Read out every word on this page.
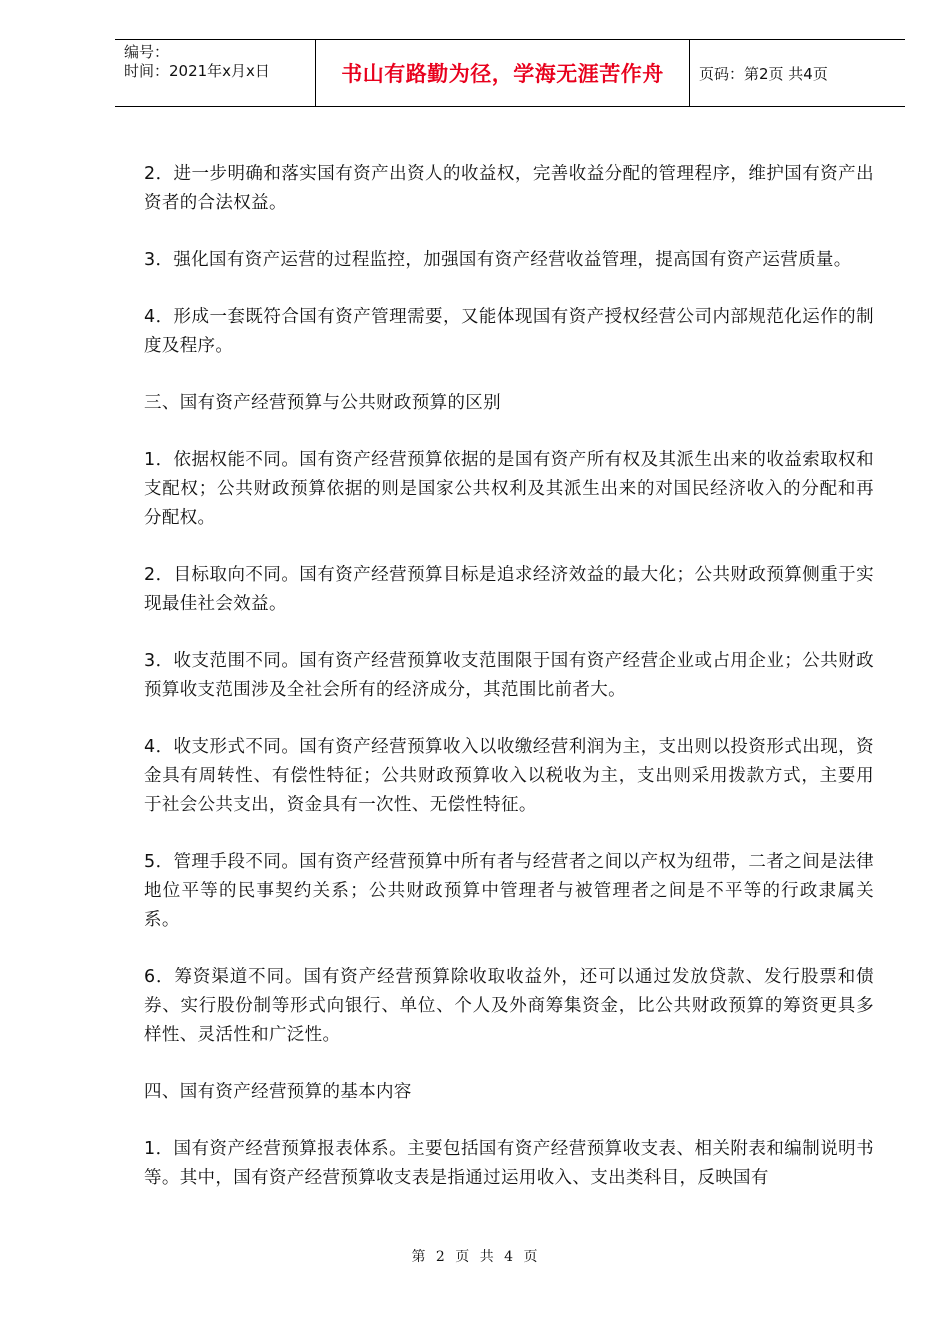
编号：
时间：2021年x月x日	书山有路勤为径，学海无涯苦作舟 页码：第2页 共4页

2．进一步明确和落实国有资产出资人的收益权，完善收益分配的管理程序，维护国有资产出资者的合法权益。

3．强化国有资产运营的过程监控，加强国有资产经营收益管理，提高国有资产运营质量。

4．形成一套既符合国有资产管理需要，又能体现国有资产授权经营公司内部规范化运作的制度及程序。

三、国有资产经营预算与公共财政预算的区别

1．依据权能不同。国有资产经营预算依据的是国有资产所有权及其派生出来的收益索取权和支配权；公共财政预算依据的则是国家公共权利及其派生出来的对国民经济收入的分配和再分配权。

2．目标取向不同。国有资产经营预算目标是追求经济效益的最大化；公共财政预算侧重于实现最佳社会效益。

3．收支范围不同。国有资产经营预算收支范围限于国有资产经营企业或占用企业；公共财政预算收支范围涉及全社会所有的经济成分，其范围比前者大。

4．收支形式不同。国有资产经营预算收入以收缴经营利润为主，支出则以投资形式出现，资金具有周转性、有偿性特征；公共财政预算收入以税收为主，支出则采用拨款方式，主要用于社会公共支出，资金具有一次性、无偿性特征。

5．管理手段不同。国有资产经营预算中所有者与经营者之间以产权为纽带，二者之间是法律地位平等的民事契约关系；公共财政预算中管理者与被管理者之间是不平等的行政隶属关系。

6．筹资渠道不同。国有资产经营预算除收取收益外，还可以通过发放贷款、发行股票和债券、实行股份制等形式向银行、单位、个人及外商筹集资金，比公共财政预算的筹资更具多样性、灵活性和广泛性。

四、国有资产经营预算的基本内容

1．国有资产经营预算报表体系。主要包括国有资产经营预算收支表、相关附表和编制说明书等。其中，国有资产经营预算收支表是指通过运用收入、支出类科目，反映国有

第 2 页 共 4 页
